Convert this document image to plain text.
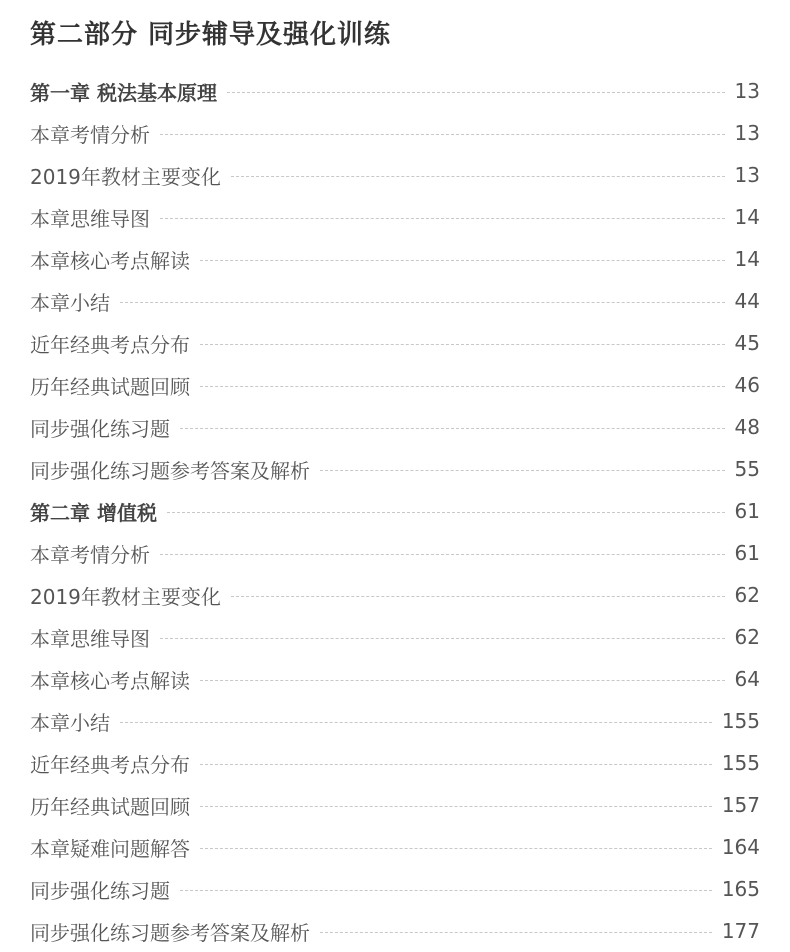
第二部分 同步辅导及强化训练
第一章 税法基本原理	13
本章考情分析	13
2019年教材主要变化	13
本章思维导图	14
本章核心考点解读	14
本章小结	44
近年经典考点分布	45
历年经典试题回顾	46
同步强化练习题	48
同步强化练习题参考答案及解析	55
第二章 增值税	61
本章考情分析	61
2019年教材主要变化	62
本章思维导图	62
本章核心考点解读	64
本章小结	155
近年经典考点分布	155
历年经典试题回顾	157
本章疑难问题解答	164
同步强化练习题	165
同步强化练习题参考答案及解析	177
